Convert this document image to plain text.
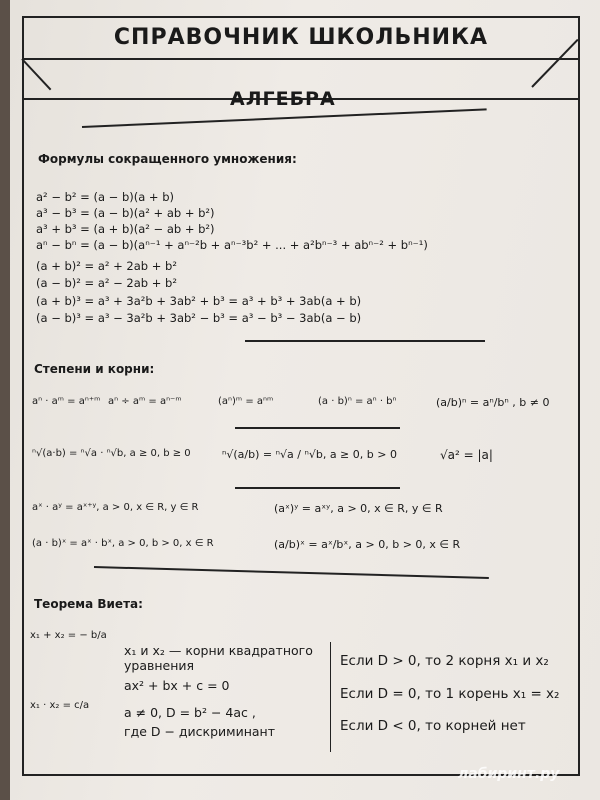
СПРАВОЧНИК ШКОЛЬНИКА
АЛГЕБРА
Формулы сокращенного умножения:
a² − b² = (a − b)(a + b)
a³ − b³ = (a − b)(a² + ab + b²)
a³ + b³ = (a + b)(a² − ab + b²)
aⁿ − bⁿ = (a − b)(aⁿ⁻¹ + aⁿ⁻²b + aⁿ⁻³b² + ... + a²bⁿ⁻³ + abⁿ⁻² + bⁿ⁻¹)
(a + b)² = a² + 2ab + b²
(a − b)² = a² − 2ab + b²
(a + b)³ = a³ + 3a²b + 3ab² + b³ = a³ + b³ + 3ab(a + b)
(a − b)³ = a³ − 3a²b + 3ab² − b³ = a³ − b³ − 3ab(a − b)
Степени и корни:
aⁿ · aᵐ = aⁿ⁺ᵐ aⁿ ÷ aᵐ = aⁿ⁻ᵐ	(aⁿ)ᵐ = aⁿᵐ	(a · b)ⁿ = aⁿ · bⁿ	(a/b)ⁿ = aⁿ/bⁿ , b ≠ 0
ⁿ√(a·b) = ⁿ√a · ⁿ√b, a ≥ 0, b ≥ 0	ⁿ√(a/b) = ⁿ√a / ⁿ√b, a ≥ 0, b > 0	√a² = |a|
aˣ · aʸ = aˣ⁺ʸ, a > 0, x ∈ R, y ∈ R	(aˣ)ʸ = aˣʸ, a > 0, x ∈ R, y ∈ R
(a · b)ˣ = aˣ · bˣ, a > 0, b > 0, x ∈ R	(a/b)ˣ = aˣ/bˣ, a > 0, b > 0, x ∈ R
Теорема Виета:
x₁ + x₂ = − b/a
x₁ · x₂ = c/a
x₁ и x₂ — корни квадратного уравнения
ax² + bx + c = 0
a ≠ 0, D = b² − 4ac ,
где D − дискриминант
Если D > 0, то 2 корня x₁ и x₂
Если D = 0, то 1 корень x₁ = x₂
Если D < 0, то корней нет
лабиринт.ру
